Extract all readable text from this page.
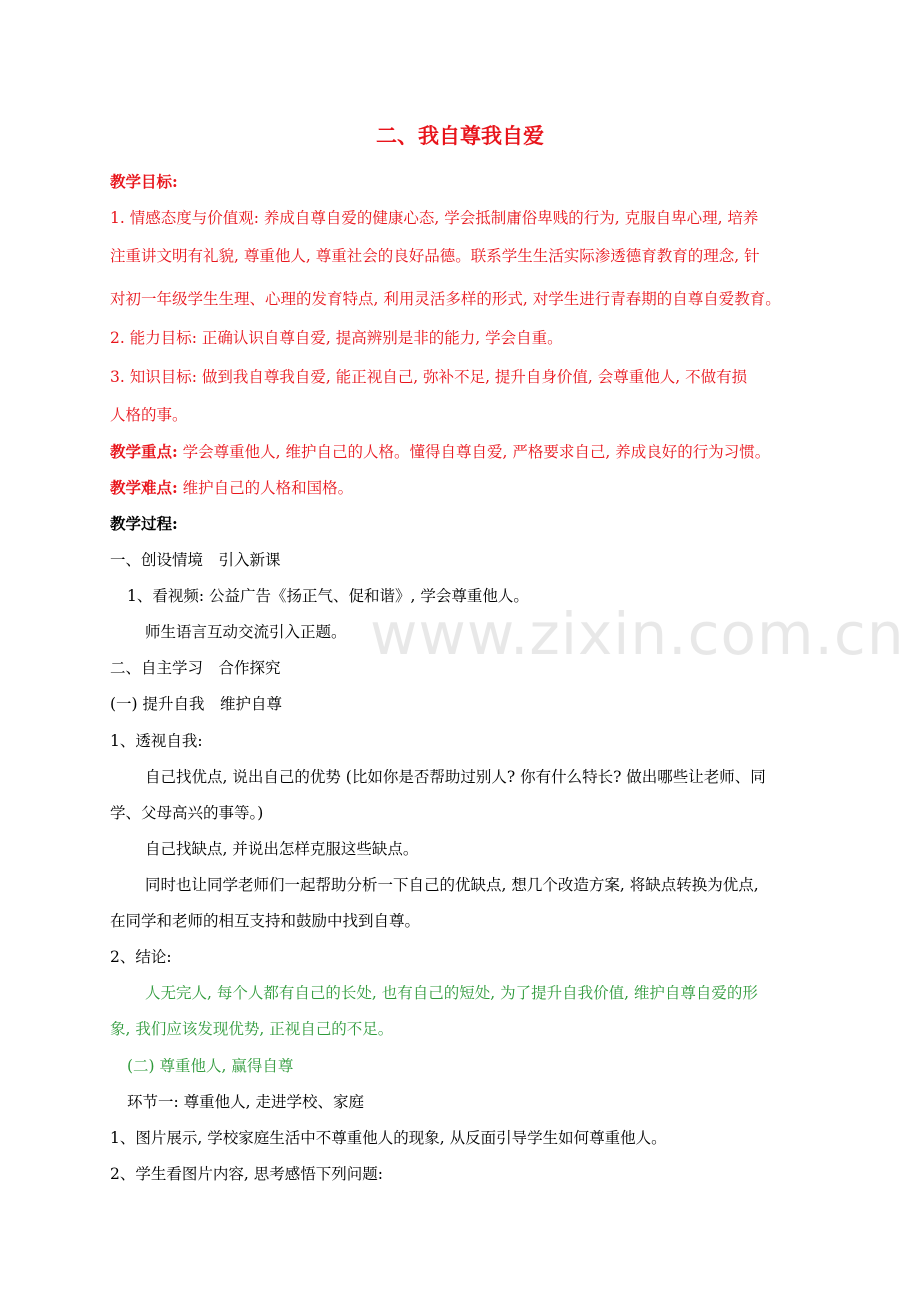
www.zixin.com.cn
二、我自尊我自爱
教学目标:
1. 情感态度与价值观: 养成自尊自爱的健康心态, 学会抵制庸俗卑贱的行为, 克服自卑心理, 培养
注重讲文明有礼貌, 尊重他人, 尊重社会的良好品德。联系学生生活实际渗透德育教育的理念, 针
对初一年级学生生理、心理的发育特点, 利用灵活多样的形式, 对学生进行青春期的自尊自爱教育。
2. 能力目标: 正确认识自尊自爱, 提高辨别是非的能力, 学会自重。
3. 知识目标: 做到我自尊我自爱, 能正视自己, 弥补不足, 提升自身价值, 会尊重他人, 不做有损
人格的事。
教学重点: 学会尊重他人, 维护自己的人格。懂得自尊自爱, 严格要求自己, 养成良好的行为习惯。
教学难点: 维护自己的人格和国格。
教学过程:
一、创设情境　引入新课
1、看视频: 公益广告《扬正气、促和谐》, 学会尊重他人。
师生语言互动交流引入正题。
二、自主学习　合作探究
(一) 提升自我　维护自尊
1、透视自我:
自己找优点, 说出自己的优势 (比如你是否帮助过别人? 你有什么特长? 做出哪些让老师、同
学、父母高兴的事等。)
自己找缺点, 并说出怎样克服这些缺点。
同时也让同学老师们一起帮助分析一下自己的优缺点, 想几个改造方案, 将缺点转换为优点,
在同学和老师的相互支持和鼓励中找到自尊。
2、结论:
人无完人, 每个人都有自己的长处, 也有自己的短处, 为了提升自我价值, 维护自尊自爱的形
象, 我们应该发现优势, 正视自己的不足。
(二) 尊重他人, 赢得自尊
环节一: 尊重他人, 走进学校、家庭
1、图片展示, 学校家庭生活中不尊重他人的现象, 从反面引导学生如何尊重他人。
2、学生看图片内容, 思考感悟下列问题:
